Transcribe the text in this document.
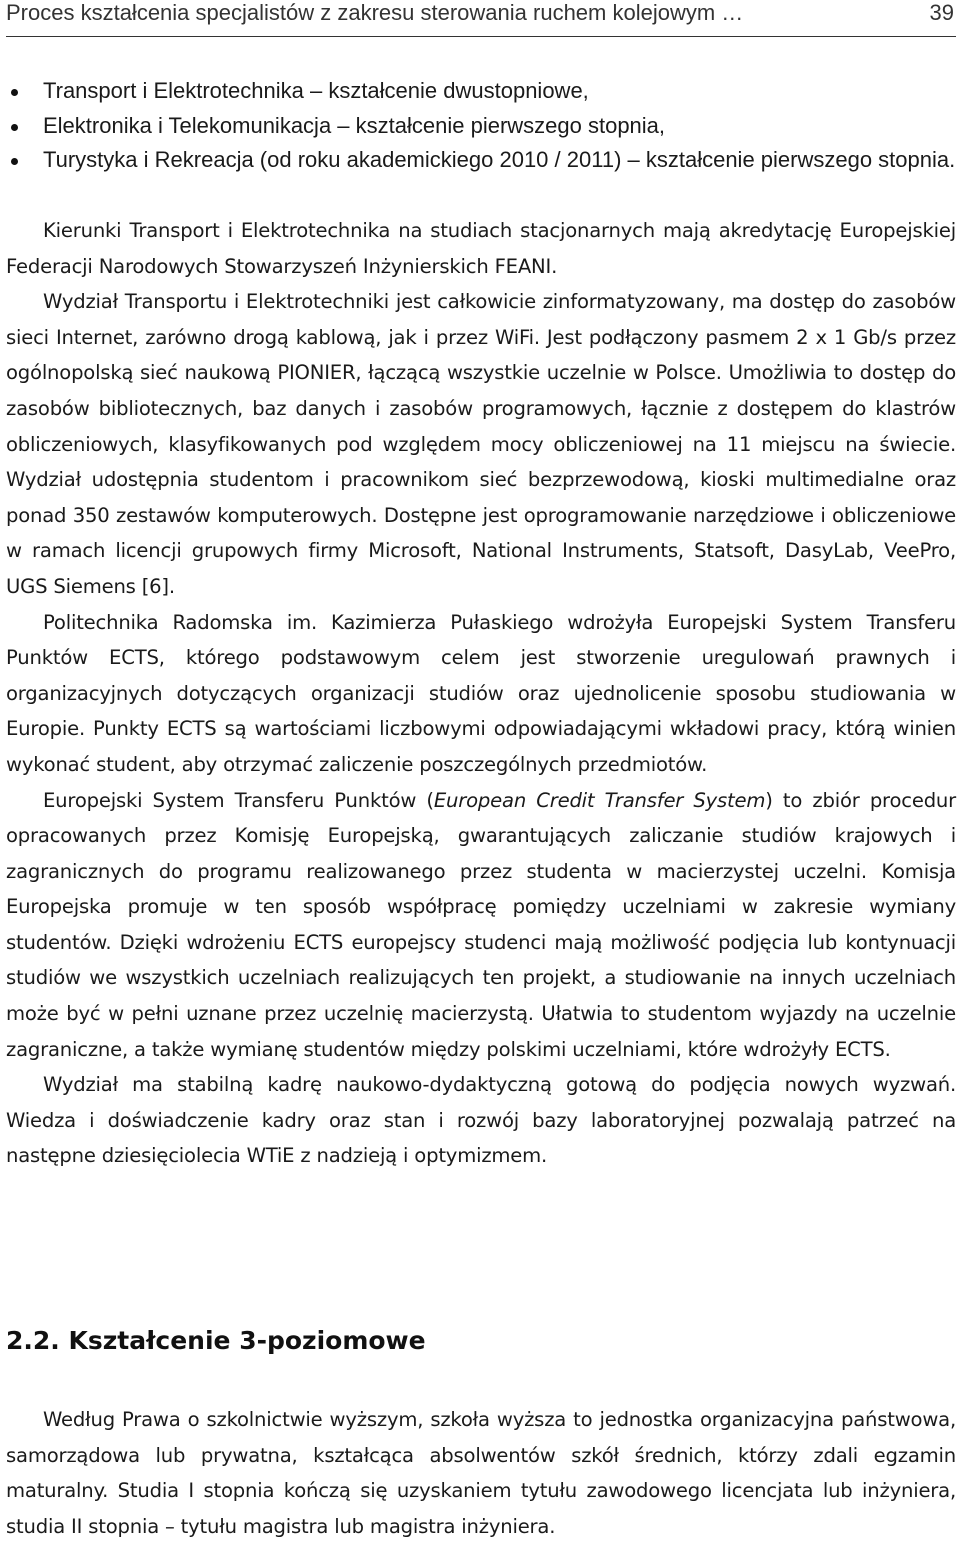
Proces kształcenia specjalistów z zakresu sterowania ruchem kolejowym …	39
Transport i Elektrotechnika – kształcenie dwustopniowe,
Elektronika i Telekomunikacja – kształcenie pierwszego stopnia,
Turystyka i Rekreacja (od roku akademickiego 2010 / 2011) – kształcenie pierwszego stopnia.

Kierunki Transport i Elektrotechnika na studiach stacjonarnych mają akredytację Europejskiej Federacji Narodowych Stowarzyszeń Inżynierskich FEANI.

Wydział Transportu i Elektrotechniki jest całkowicie zinformatyzowany, ma dostęp do zasobów sieci Internet, zarówno drogą kablową, jak i przez WiFi. Jest podłączony pasmem 2 x 1 Gb/s przez ogólnopolską sieć naukową PIONIER, łączącą wszystkie uczelnie w Polsce. Umożliwia to dostęp do zasobów bibliotecznych, baz danych i zasobów programowych, łącznie z dostępem do klastrów obliczeniowych, klasyfikowanych pod względem mocy obliczeniowej na 11 miejscu na świecie. Wydział udostępnia studentom i pracownikom sieć bezprzewodową, kioski multimedialne oraz ponad 350 zestawów komputerowych. Dostępne jest oprogramowanie narzędziowe i obliczeniowe w ramach licencji grupowych firmy Microsoft, National Instruments, Statsoft, DasyLab, VeePro, UGS Siemens [6].

Politechnika Radomska im. Kazimierza Pułaskiego wdrożyła Europejski System Transferu Punktów ECTS, którego podstawowym celem jest stworzenie uregulowań prawnych i organizacyjnych dotyczących organizacji studiów oraz ujednolicenie sposobu studiowania w Europie. Punkty ECTS są wartościami liczbowymi odpowiadającymi wkładowi pracy, którą winien wykonać student, aby otrzymać zaliczenie poszczególnych przedmiotów.

Europejski System Transferu Punktów (European Credit Transfer System) to zbiór procedur opracowanych przez Komisję Europejską, gwarantujących zaliczanie studiów krajowych i zagranicznych do programu realizowanego przez studenta w macierzystej uczelni. Komisja Europejska promuje w ten sposób współpracę pomiędzy uczelniami w zakresie wymiany studentów. Dzięki wdrożeniu ECTS europejscy studenci mają możliwość podjęcia lub kontynuacji studiów we wszystkich uczelniach realizujących ten projekt, a studiowanie na innych uczelniach może być w pełni uznane przez uczelnię macierzystą. Ułatwia to studentom wyjazdy na uczelnie zagraniczne, a także wymianę studentów między polskimi uczelniami, które wdrożyły ECTS.

Wydział ma stabilną kadrę naukowo-dydaktyczną gotową do podjęcia nowych wyzwań. Wiedza i doświadczenie kadry oraz stan i rozwój bazy laboratoryjnej pozwalają patrzeć na następne dziesięciolecia WTiE z nadzieją i optymizmem.

2.2. Kształcenie 3-poziomowe

Według Prawa o szkolnictwie wyższym, szkoła wyższa to jednostka organizacyjna państwowa, samorządowa lub prywatna, kształcąca absolwentów szkół średnich, którzy zdali egzamin maturalny. Studia I stopnia kończą się uzyskaniem tytułu zawodowego licencjata lub inżyniera, studia II stopnia – tytułu magistra lub magistra inżyniera.
